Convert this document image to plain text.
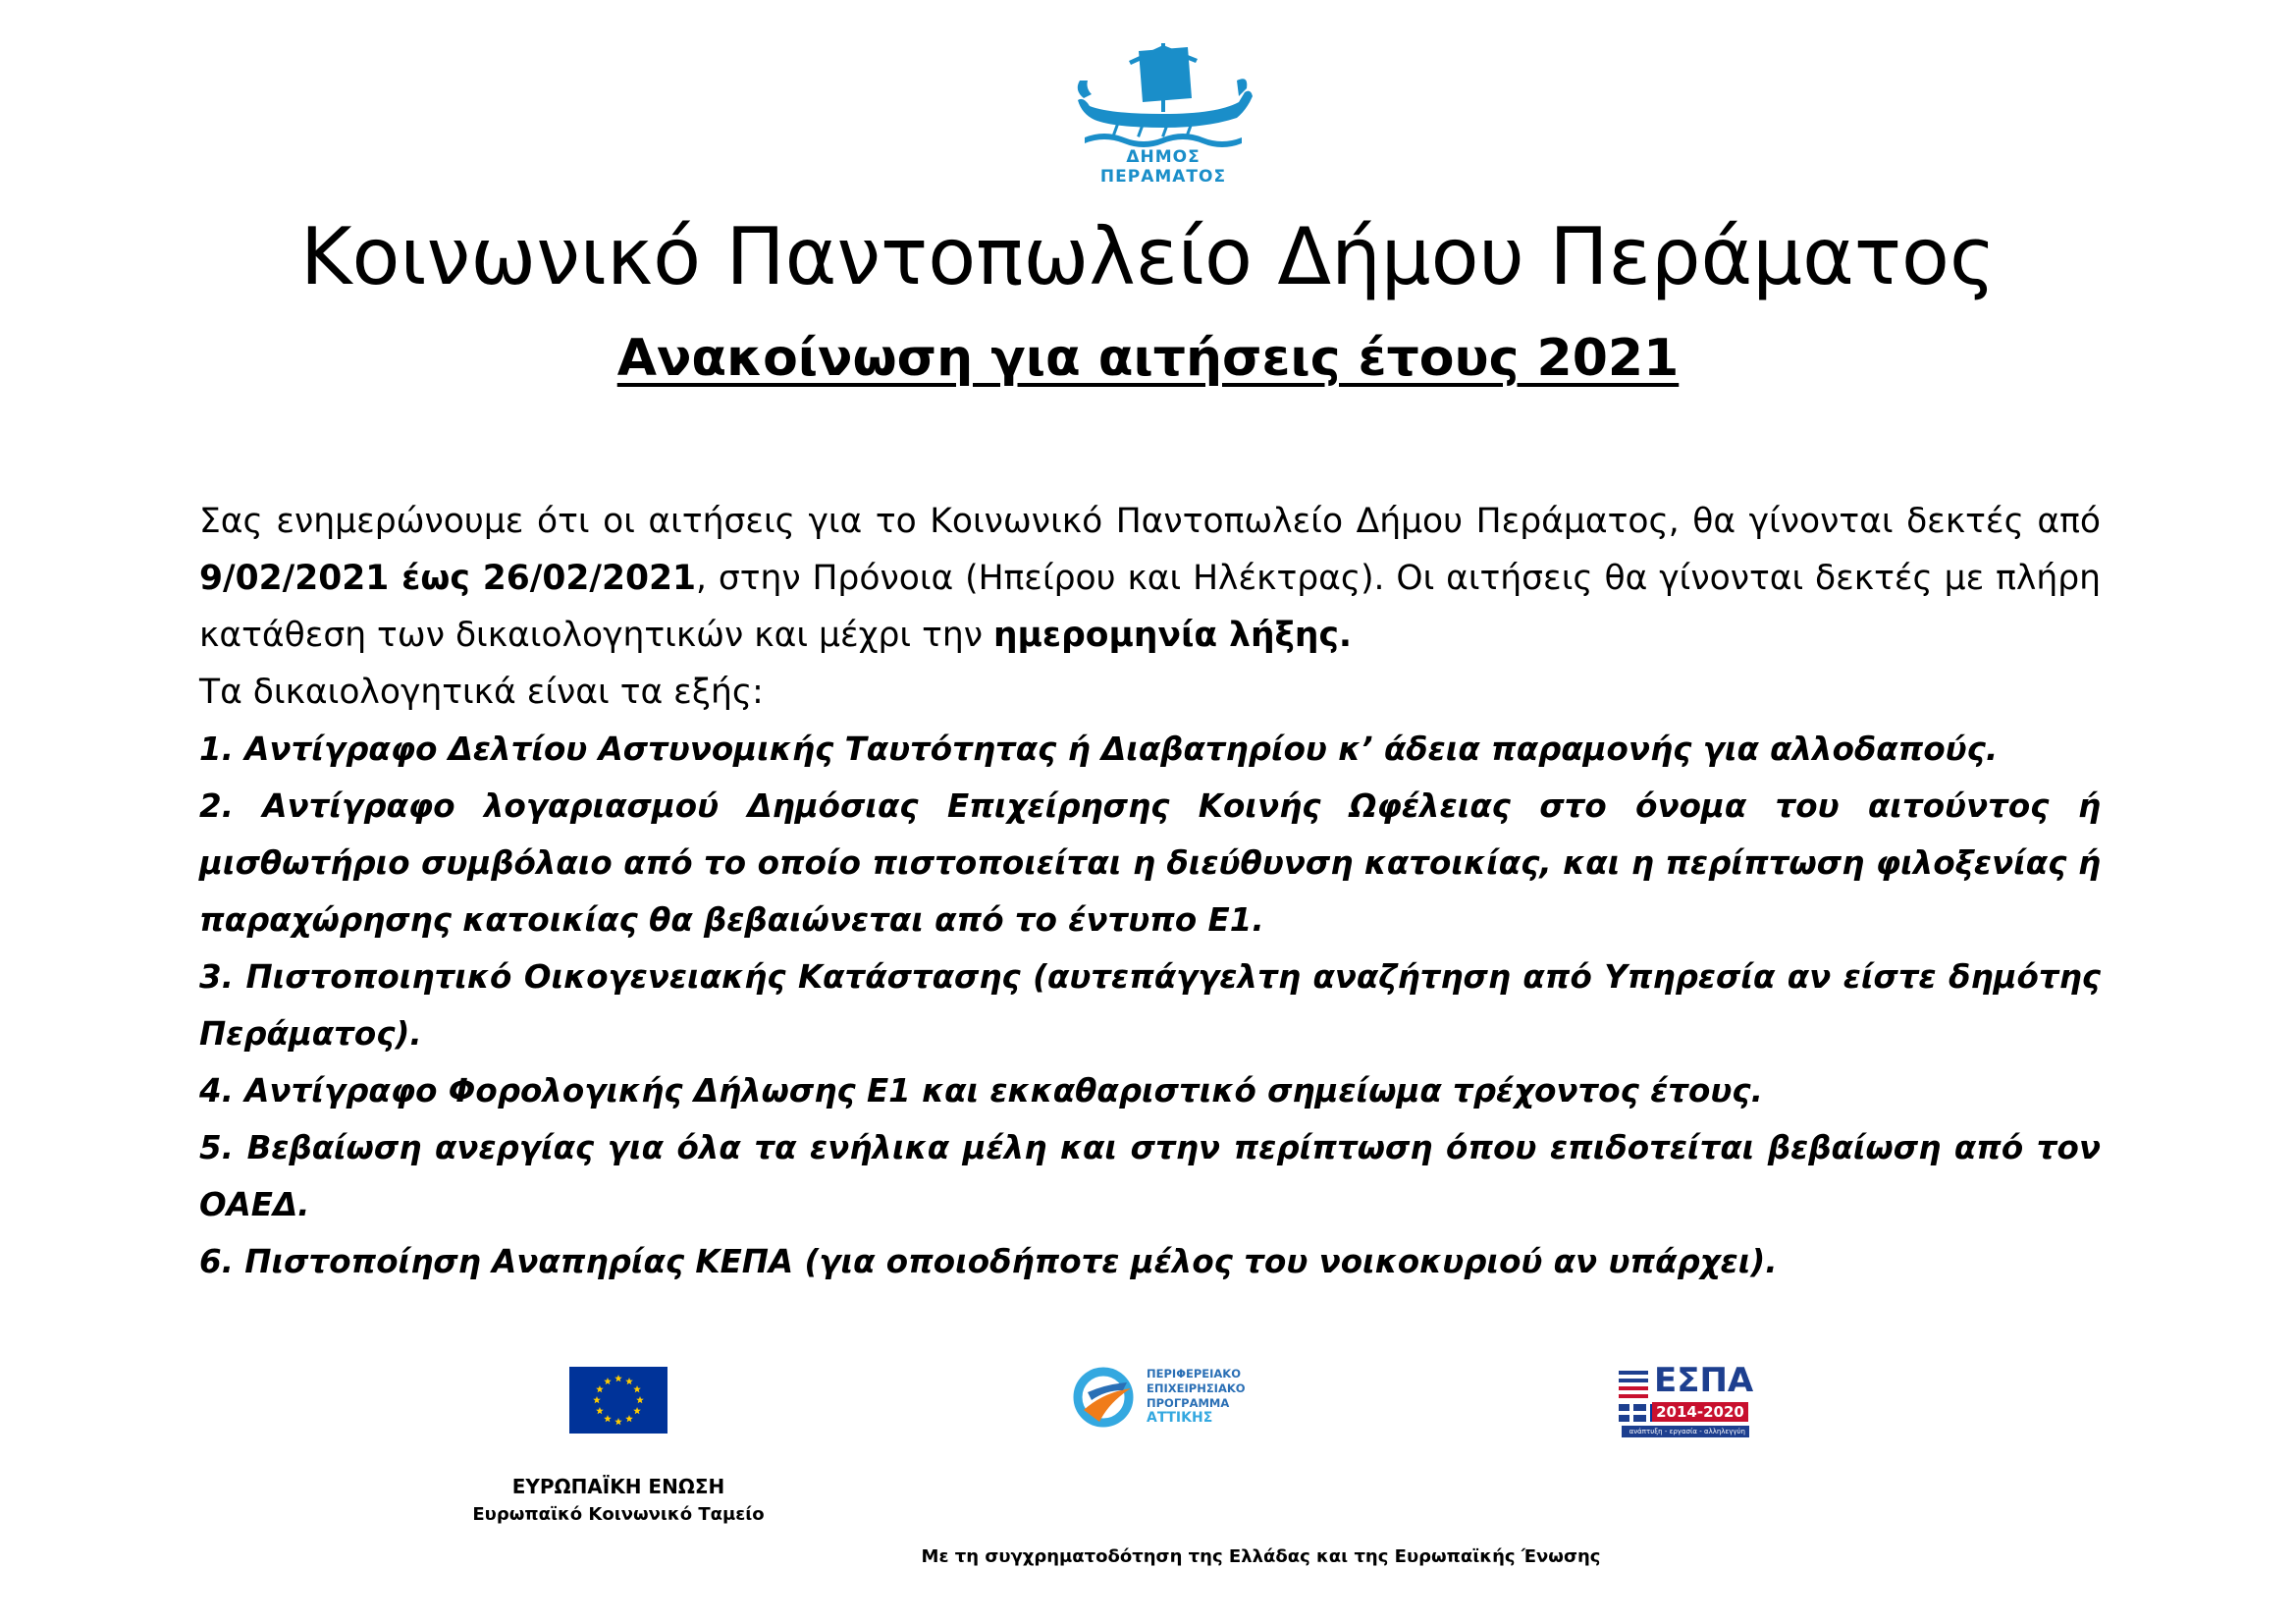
ΔΗΜΟΣ ΠΕΡΑΜΑΤΟΣ
Κοινωνικό Παντοπωλείο Δήμου Περάματος
Ανακοίνωση για αιτήσεις έτους 2021

Σας ενημερώνουμε ότι οι αιτήσεις για το Κοινωνικό Παντοπωλείο Δήμου Περάματος, θα γίνονται δεκτές από 9/02/2021 έως 26/02/2021, στην Πρόνοια (Ηπείρου και Ηλέκτρας). Οι αιτήσεις θα γίνονται δεκτές με πλήρη κατάθεση των δικαιολογητικών και μέχρι την ημερομηνία λήξης.

Τα δικαιολογητικά είναι τα εξής:

1. Αντίγραφο Δελτίου Αστυνομικής Ταυτότητας ή Διαβατηρίου κ’ άδεια παραμονής για αλλοδαπούς.
2. Αντίγραφο λογαριασμού Δημόσιας Επιχείρησης Κοινής Ωφέλειας στο όνομα του αιτούντος ή μισθωτήριο συμβόλαιο από το οποίο πιστοποιείται η διεύθυνση κατοικίας, και η περίπτωση φιλοξενίας ή παραχώρησης κατοικίας θα βεβαιώνεται από το έντυπο Ε1.
3. Πιστοποιητικό Οικογενειακής Κατάστασης (αυτεπάγγελτη αναζήτηση από Υπηρεσία αν είστε δημότης Περάματος).
4. Αντίγραφο Φορολογικής Δήλωσης Ε1 και εκκαθαριστικό σημείωμα τρέχοντος έτους.
5. Βεβαίωση ανεργίας για όλα τα ενήλικα μέλη και στην περίπτωση όπου επιδοτείται βεβαίωση από τον ΟΑΕΔ.
6. Πιστοποίηση Αναπηρίας ΚΕΠΑ (για οποιοδήποτε μέλος του νοικοκυριού αν υπάρχει).
ΕΥΡΩΠΑΪΚΗ ΕΝΩΣΗ
Ευρωπαϊκό Κοινωνικό Ταμείο
ΠΕΡΙΦΕΡΕΙΑΚΟ
ΕΠΙΧΕΙΡΗΣΙΑΚΟ
ΠΡΟΓΡΑΜΜΑ
ΑΤΤΙΚΗΣ
ΕΣΠΑ
2014-2020
ανάπτυξη - εργασία - αλληλεγγύη
Με τη συγχρηματοδότηση της Ελλάδας και της Ευρωπαϊκής Ένωσης
